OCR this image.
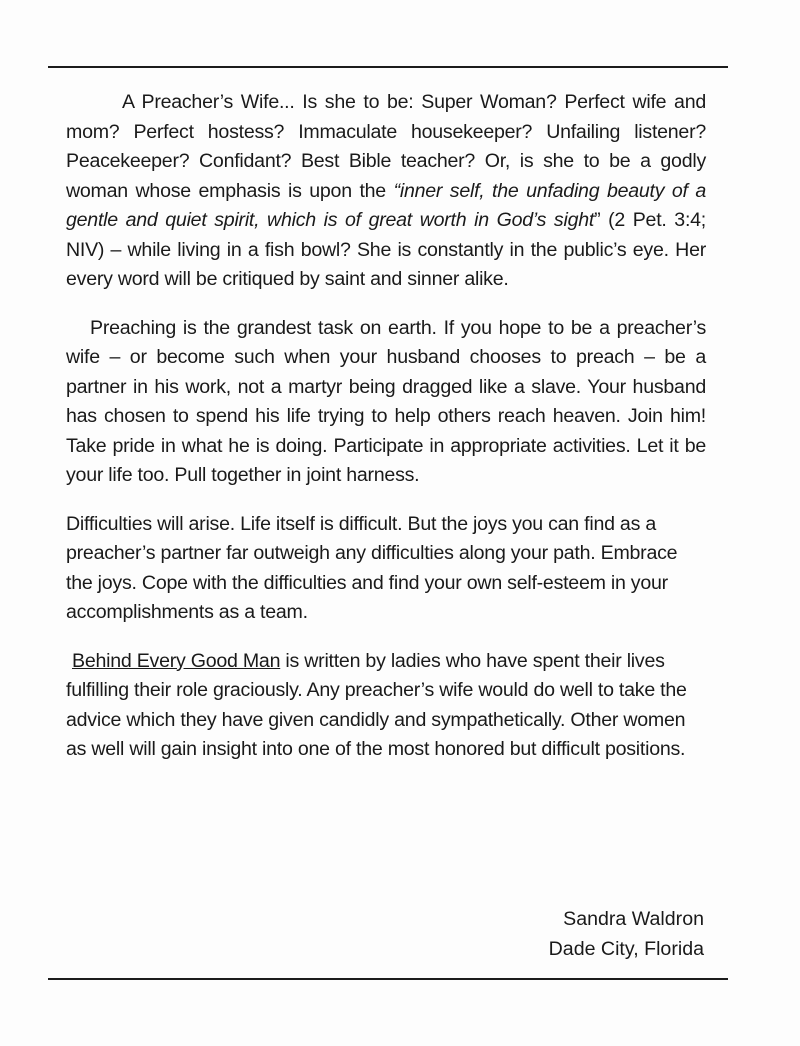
A Preacher’s Wife... Is she to be: Super Woman? Perfect wife and mom? Perfect hostess? Immaculate housekeeper? Unfailing listener? Peacekeeper? Confidant? Best Bible teacher? Or, is she to be a godly woman whose emphasis is upon the “inner self, the unfading beauty of a gentle and quiet spirit, which is of great worth in God’s sight” (2 Pet. 3:4; NIV) – while living in a fish bowl? She is constantly in the public’s eye. Her every word will be critiqued by saint and sinner alike.

Preaching is the grandest task on earth. If you hope to be a preacher’s wife – or become such when your husband chooses to preach – be a partner in his work, not a martyr being dragged like a slave. Your husband has chosen to spend his life trying to help others reach heaven. Join him! Take pride in what he is doing. Participate in appropriate activities. Let it be your life too. Pull together in joint harness.

Difficulties will arise. Life itself is difficult. But the joys you can find as a preacher’s partner far outweigh any difficulties along your path. Embrace the joys. Cope with the difficulties and find your own self-esteem in your accomplishments as a team.

Behind Every Good Man is written by ladies who have spent their lives fulfilling their role graciously. Any preacher’s wife would do well to take the advice which they have given candidly and sympathetically. Other women as well will gain insight into one of the most honored but difficult positions.

Sandra Waldron
Dade City, Florida
